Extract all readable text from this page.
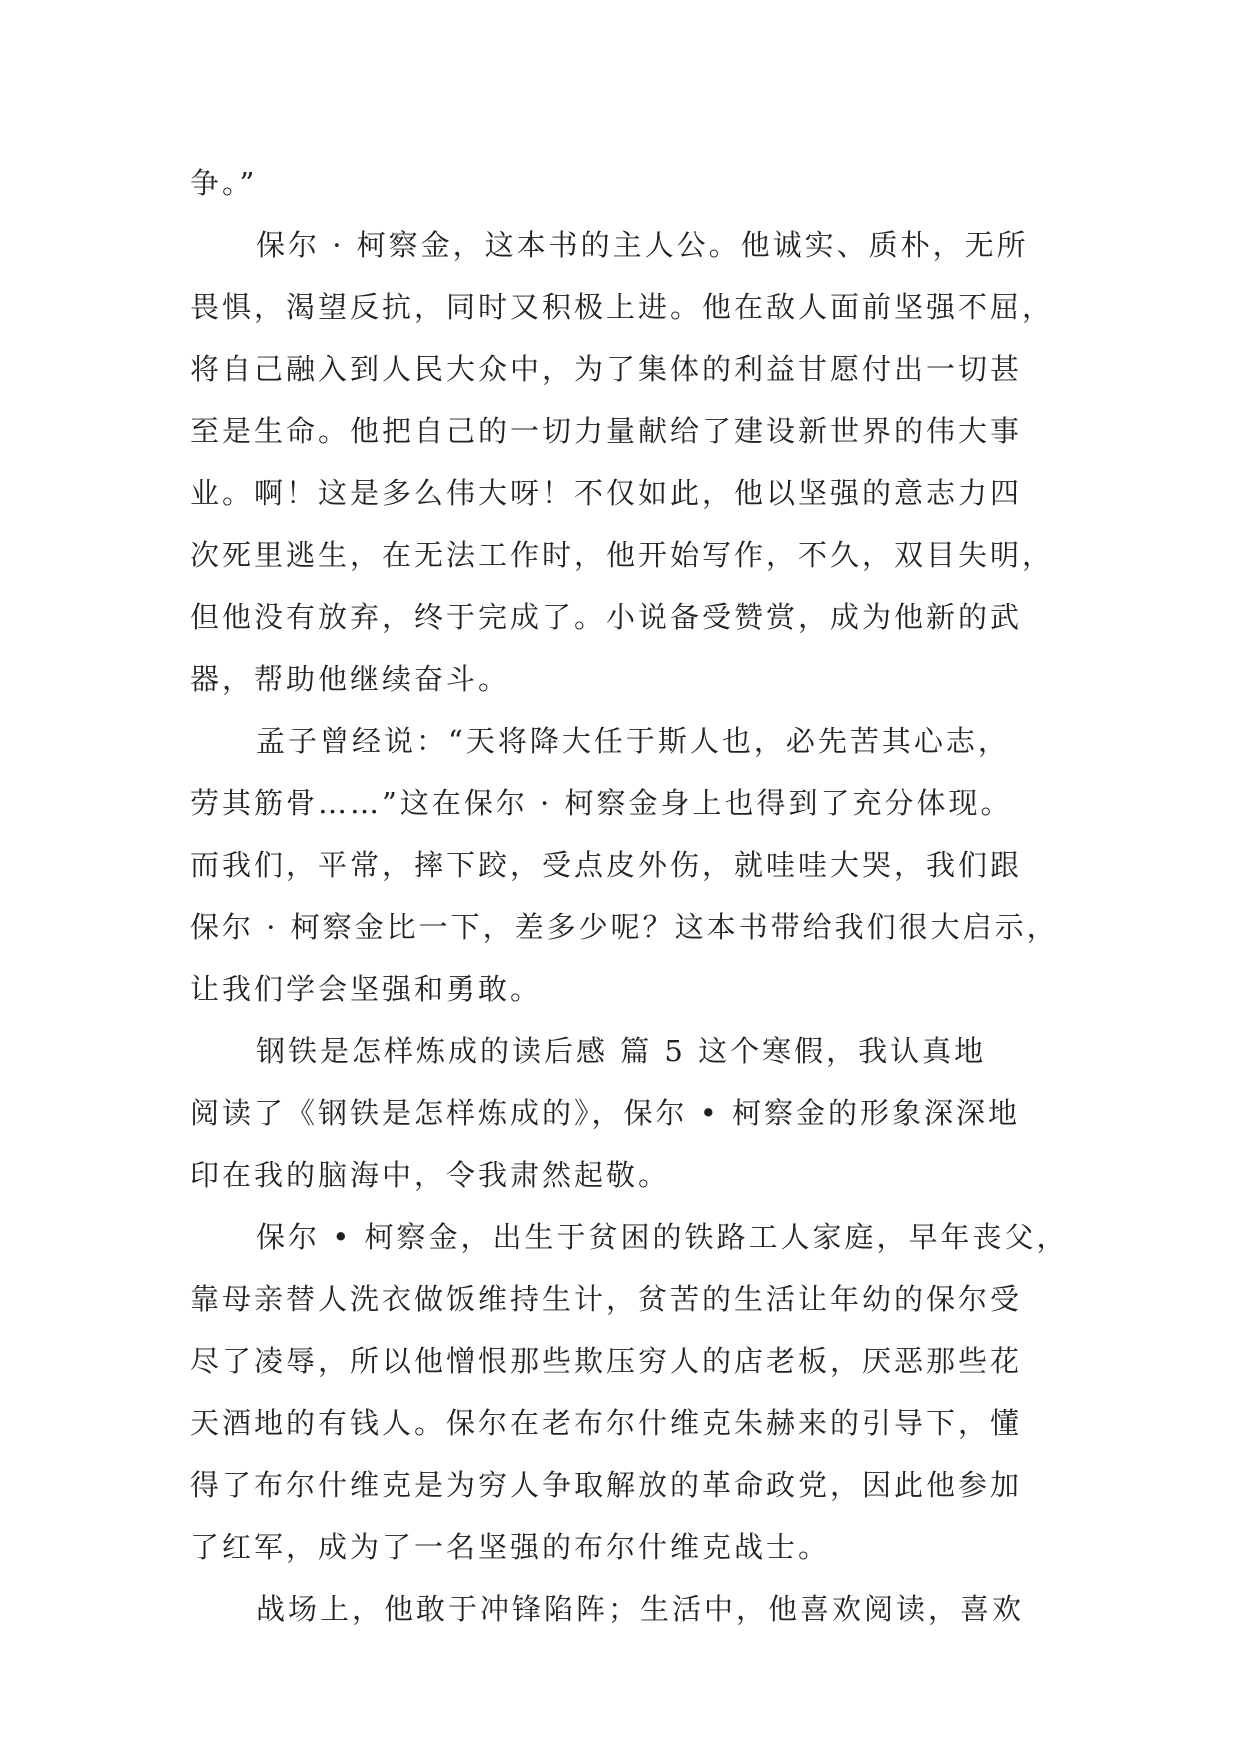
争。”
保尔 · 柯察金，这本书的主人公。他诚实、质朴，无所
畏惧，渴望反抗，同时又积极上进。他在敌人面前坚强不屈，
将自己融入到人民大众中，为了集体的利益甘愿付出一切甚
至是生命。他把自己的一切力量献给了建设新世界的伟大事
业。啊！这是多么伟大呀！不仅如此，他以坚强的意志力四
次死里逃生，在无法工作时，他开始写作，不久，双目失明，
但他没有放弃，终于完成了。小说备受赞赏，成为他新的武
器，帮助他继续奋斗。
孟子曾经说：“天将降大任于斯人也，必先苦其心志，
劳其筋骨……”这在保尔 · 柯察金身上也得到了充分体现。
而我们，平常，摔下跤，受点皮外伤，就哇哇大哭，我们跟
保尔 · 柯察金比一下，差多少呢？这本书带给我们很大启示，
让我们学会坚强和勇敢。
钢铁是怎样炼成的读后感 篇 5 这个寒假，我认真地
阅读了《钢铁是怎样炼成的》，保尔 • 柯察金的形象深深地
印在我的脑海中，令我肃然起敬。
保尔 • 柯察金，出生于贫困的铁路工人家庭，早年丧父，
靠母亲替人洗衣做饭维持生计，贫苦的生活让年幼的保尔受
尽了凌辱，所以他憎恨那些欺压穷人的店老板，厌恶那些花
天酒地的有钱人。保尔在老布尔什维克朱赫来的引导下，懂
得了布尔什维克是为穷人争取解放的革命政党，因此他参加
了红军，成为了一名坚强的布尔什维克战士。
战场上，他敢于冲锋陷阵；生活中，他喜欢阅读，喜欢
